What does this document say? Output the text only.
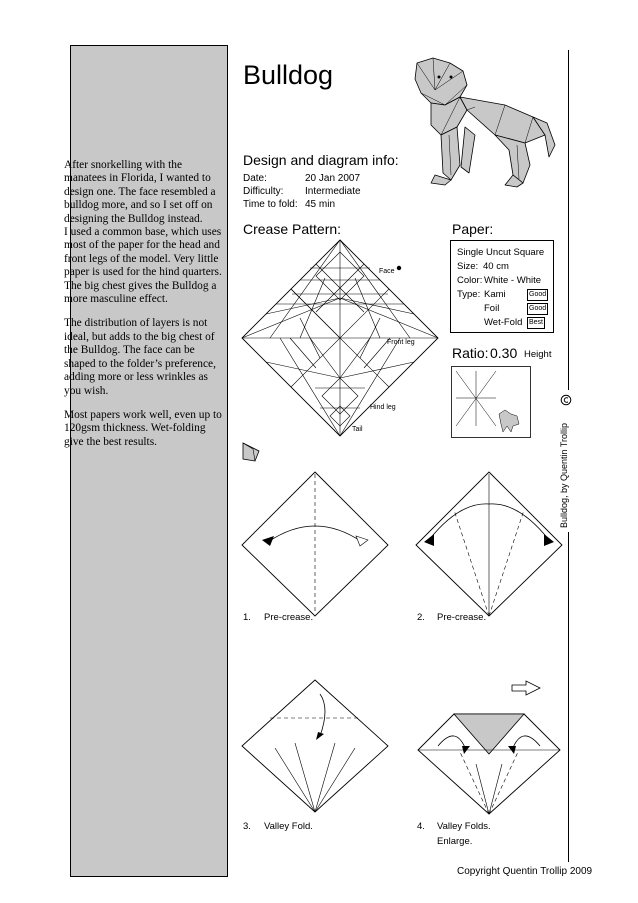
After snorkelling with the manatees in Florida, I wanted to design one. The face resembled a bulldog more, and so I set off on designing the Bulldog instead.
I used a common base, which uses most of the paper for the head and front legs of the model. Very little paper is used for the hind quarters. The big chest gives the Bulldog a more masculine effect.

The distribution of layers is not ideal, but adds to the big chest of the Bulldog. The face can be shaped to the folder’s preference, adding more or less wrinkles as you wish.

Most papers work well, even up to 120gsm thickness. Wet-folding give the best results.

Bulldog
Design and diagram info:
Date:	20 Jan 2007
Difficulty: Intermediate
Time to fold: 45 min
Crease Pattern:
Face
Front leg
Hind leg
Tail
Paper:
Single Uncut Square
Size: 40 cm
Color: White - White
Type: Kami	Good
Foil	Good
Wet-Fold Best
Ratio: 0.30 Height
Bulldog, by Quentin Trollip
1. Pre-crease.	2. Pre-crease.
3. Valley Fold.	4. Valley Folds.
Enlarge.
Copyright Quentin Trollip 2009
